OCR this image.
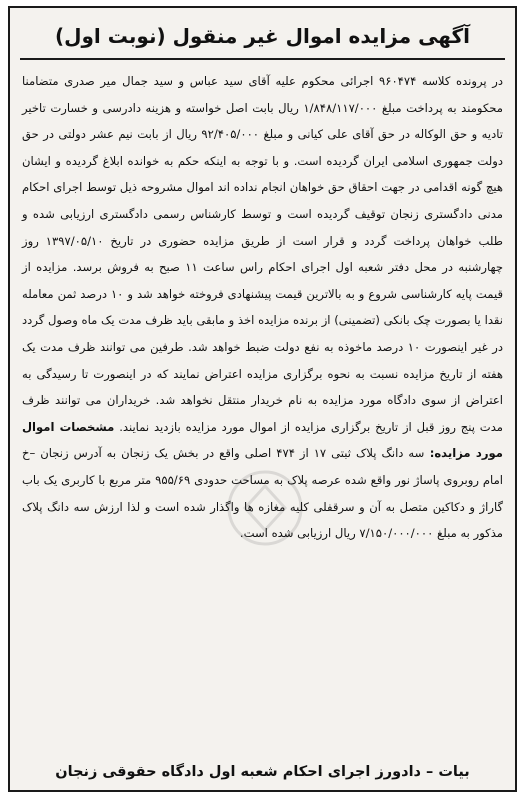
آگهی مزایده اموال غیر منقول (نوبت اول)
در پرونده کلاسه ۹۶۰۴۷۴ اجرائی محکوم علیه آقای سید عباس و سید جمال میر صدری متضامنا محکومند به پرداخت مبلغ ۱/۸۴۸/۱۱۷/۰۰۰ ریال بابت اصل خواسته و هزینه دادرسی و خسارت تاخیر تادیه و حق الوکاله در حق آقای علی کیانی و مبلغ ۹۲/۴۰۵/۰۰۰ ریال از بابت نیم عشر دولتی در حق دولت جمهوری اسلامی ایران گردیده است. و با توجه به اینکه حکم به خوانده ابلاغ گردیده و ایشان هیچ گونه اقدامی در جهت احقاق حق خواهان انجام نداده اند اموال مشروحه ذیل توسط اجرای احکام مدنی دادگستری زنجان توقیف گردیده است و توسط کارشناس رسمی دادگستری ارزیابی شده و طلب خواهان پرداخت گردد و قرار است از طریق مزایده حضوری در تاریخ ۱۳۹۷/۰۵/۱۰ روز چهارشنبه در محل دفتر شعبه اول اجرای احکام راس ساعت ۱۱ صبح به فروش برسد. مزایده از قیمت پایه کارشناسی شروع و به بالاترین قیمت پیشنهادی فروخته خواهد شد و ۱۰ درصد ثمن معامله نقدا یا بصورت چک بانکی (تضمینی) از برنده مزایده اخذ و مابقی باید ظرف مدت یک ماه وصول گردد در غیر اینصورت ۱۰ درصد ماخوذه به نفع دولت ضبط خواهد شد. طرفین می توانند ظرف مدت یک هفته از تاریخ مزایده نسبت به نحوه برگزاری مزایده اعتراض نمایند که در اینصورت تا رسیدگی به اعتراض از سوی دادگاه مورد مزایده به نام خریدار منتقل نخواهد شد. خریداران می توانند ظرف مدت پنج روز قبل از تاریخ برگزاری مزایده از اموال مورد مزایده بازدید نمایند. مشخصات اموال مورد مزایده: سه دانگ پلاک ثبتی ۱۷ از ۴۷۴ اصلی واقع در بخش یک زنجان به آدرس زنجان –خ امام روبروی پاساژ نور واقع شده عرصه پلاک به مساحت حدودی ۹۵۵/۶۹ متر مربع با کاربری یک باب گاراژ و دکاکین متصل به آن و سرقفلی کلیه مغازه ها واگذار شده است و لذا ارزش سه دانگ پلاک مذکور به مبلغ ۷/۱۵۰/۰۰۰/۰۰۰ ریال ارزیابی شده است.
بیات – دادورز اجرای احکام شعبه اول دادگاه حقوقی زنجان
